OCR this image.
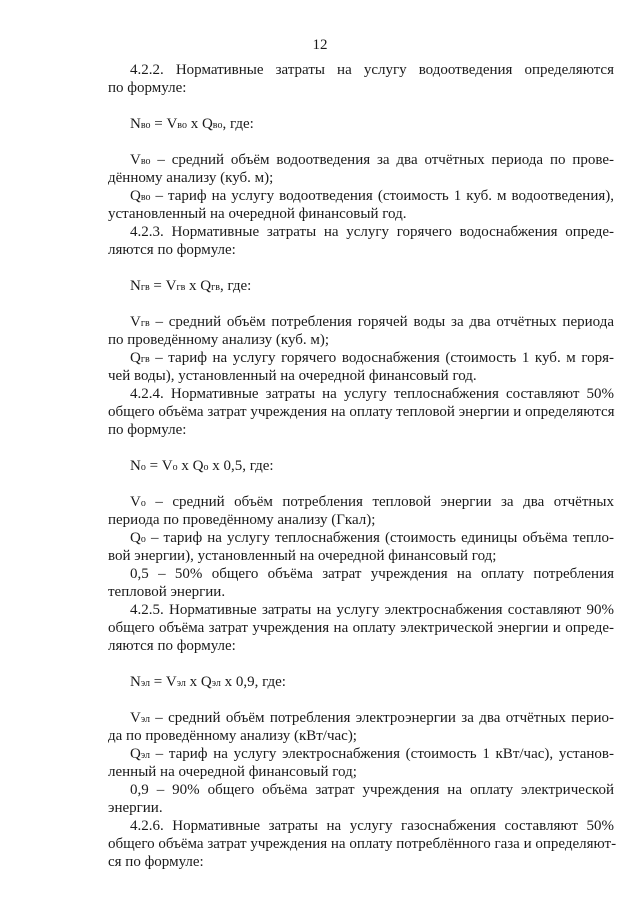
12
4.2.2. Нормативные затраты на услугу водоотведения определяются
по формуле:
Nво = Vво х Qво, где:
Vво – средний объём водоотведения за два отчётных периода по прове-
дённому анализу (куб. м);
Qво – тариф на услугу водоотведения (стоимость 1 куб. м водоотведения),
установленный на очередной финансовый год.
4.2.3. Нормативные затраты на услугу горячего водоснабжения опреде-
ляются по формуле:
Nгв = Vгв х Qгв, где:
Vгв – средний объём потребления горячей воды за два отчётных периода
по проведённому анализу (куб. м);
Qгв – тариф на услугу горячего водоснабжения (стоимость 1 куб. м горя-
чей воды), установленный на очередной финансовый год.
4.2.4. Нормативные затраты на услугу теплоснабжения составляют 50%
общего объёма затрат учреждения на оплату тепловой энергии и определяются
по формуле:
Nо = Vо х Qо х 0,5, где:
Vо – средний объём потребления тепловой энергии за два отчётных
периода по проведённому анализу (Гкал);
Qо – тариф на услугу теплоснабжения (стоимость единицы объёма тепло-
вой энергии), установленный на очередной финансовый год;
0,5 – 50% общего объёма затрат учреждения на оплату потребления
тепловой энергии.
4.2.5. Нормативные затраты на услугу электроснабжения составляют 90%
общего объёма затрат учреждения на оплату электрической энергии и опреде-
ляются по формуле:
Nэл = Vэл х Qэл х 0,9, где:
Vэл – средний объём потребления электроэнергии за два отчётных перио-
да по проведённому анализу (кВт/час);
Qэл – тариф на услугу электроснабжения (стоимость 1 кВт/час), установ-
ленный на очередной финансовый год;
0,9 – 90% общего объёма затрат учреждения на оплату электрической
энергии.
4.2.6. Нормативные затраты на услугу газоснабжения составляют 50%
общего объёма затрат учреждения на оплату потреблённого газа и определяют-
ся по формуле:
